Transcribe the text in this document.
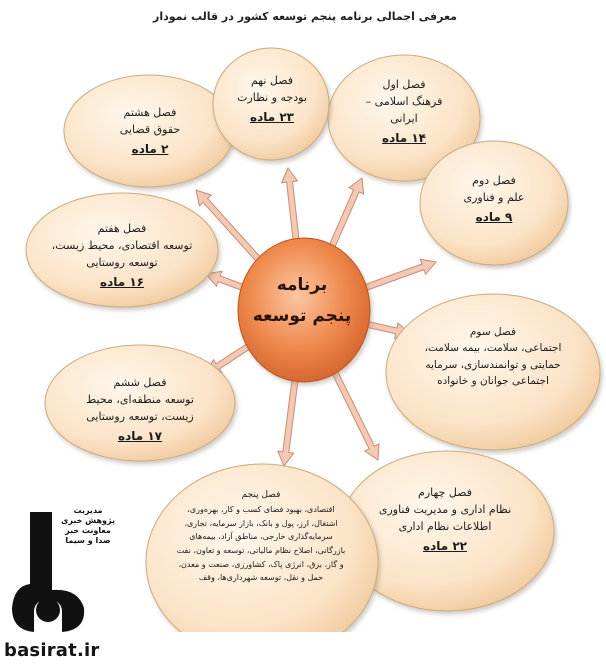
معرفی اجمالی برنامه پنجم توسعه کشور در قالب نمودار
فصل اول
فرهنگ اسلامی – ایرانی
۱۴ ماده
فصل دوم
علم و فناوری
۹ ماده
فصل سوم
اجتماعی، سلامت، بیمه سلامت، حمایتی و توانمندسازی، سرمایه اجتماعی جوانان و خانواده
فصل چهارم
نظام اداری و مدیریت فناوری اطلاعات نظام اداری
۲۲ ماده
فصل پنجم
اقتصادی، بهبود فضای کسب و کار، بهره‌وری، اشتغال، ارز، پول و بانک، بازار سرمایه، تجاری، سرمایه‌گذاری خارجی، مناطق آزاد، بیمه‌های بازرگانی، اصلاح نظام مالیاتی، توسعه و تعاون، نفت و گاز، برق، انرژی پاک، کشاورزی، صنعت و معدن، حمل و نقل، توسعه شهرداری‌ها، وقف
فصل ششم
توسعه منطقه‌ای، محیط زیست، توسعه روستایی
۱۷ ماده
فصل هفتم
توسعه اقتصادی، محیط زیست، توسعه روستایی
۱۶ ماده
فصل هشتم
حقوق قضایی
۲ ماده
فصل نهم
بودجه و نظارت
۲۳ ماده
برنامه
پنجم توسعه
مدیریت پژوهش خبری معاونت خبر صدا و سیما
basirat.ir
